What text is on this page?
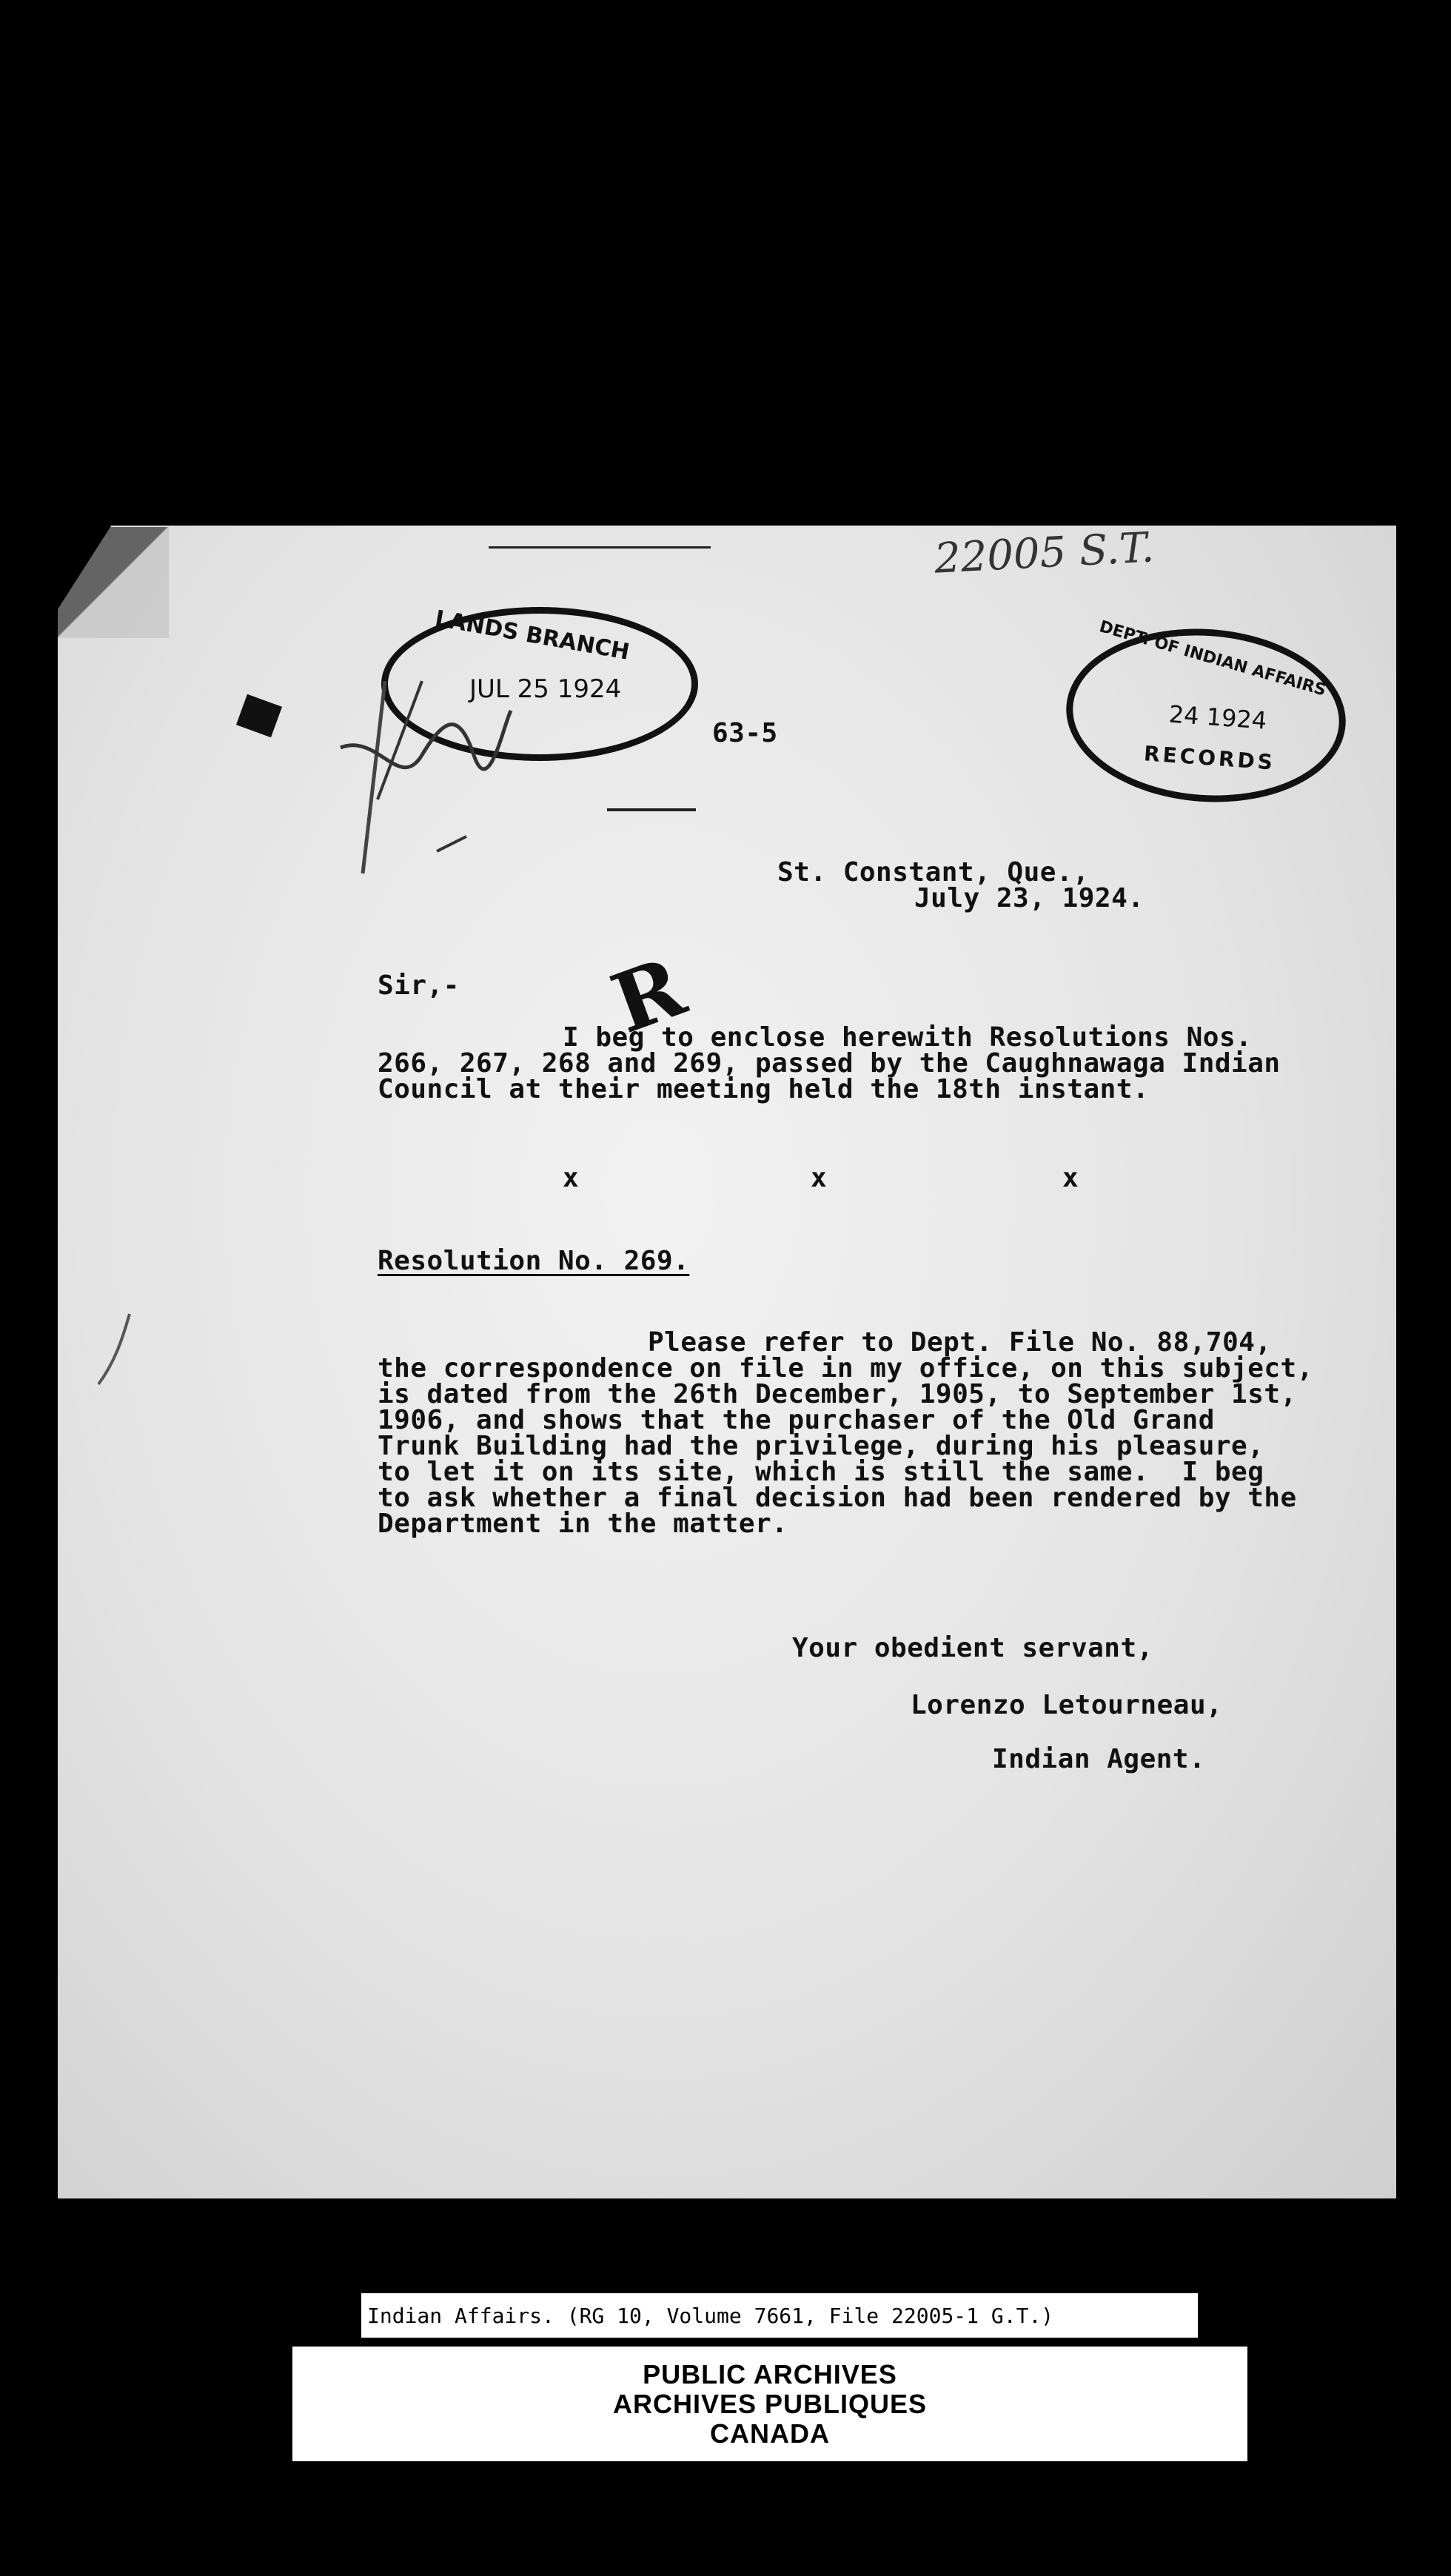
22005 S.T.
LANDS BRANCH
JUL 25 1924
63-5
DEPT. OF INDIAN AFFAIRS
24 1924
RECORDS
St. Constant, Que.,
July 23, 1924.
Sir,- R
I beg to enclose herewith Resolutions Nos.
266, 267, 268 and 269, passed by the Caughnawaga Indian
Council at their meeting held the 18th instant.
x	x	x
Resolution No. 269.
Please refer to Dept. File No. 88,704,
the correspondence on file in my office, on this subject,
is dated from the 26th December, 1905, to September 1st,
1906, and shows that the purchaser of the Old Grand
Trunk Building had the privilege, during his pleasure,
to let it on its site, which is still the same.  I beg
to ask whether a final decision had been rendered by the
Department in the matter.
Your obedient servant,
Lorenzo Letourneau,
Indian Agent.
Indian Affairs. (RG 10, Volume 7661, File 22005-1 G.T.)
PUBLIC ARCHIVES
ARCHIVES PUBLIQUES
CANADA
